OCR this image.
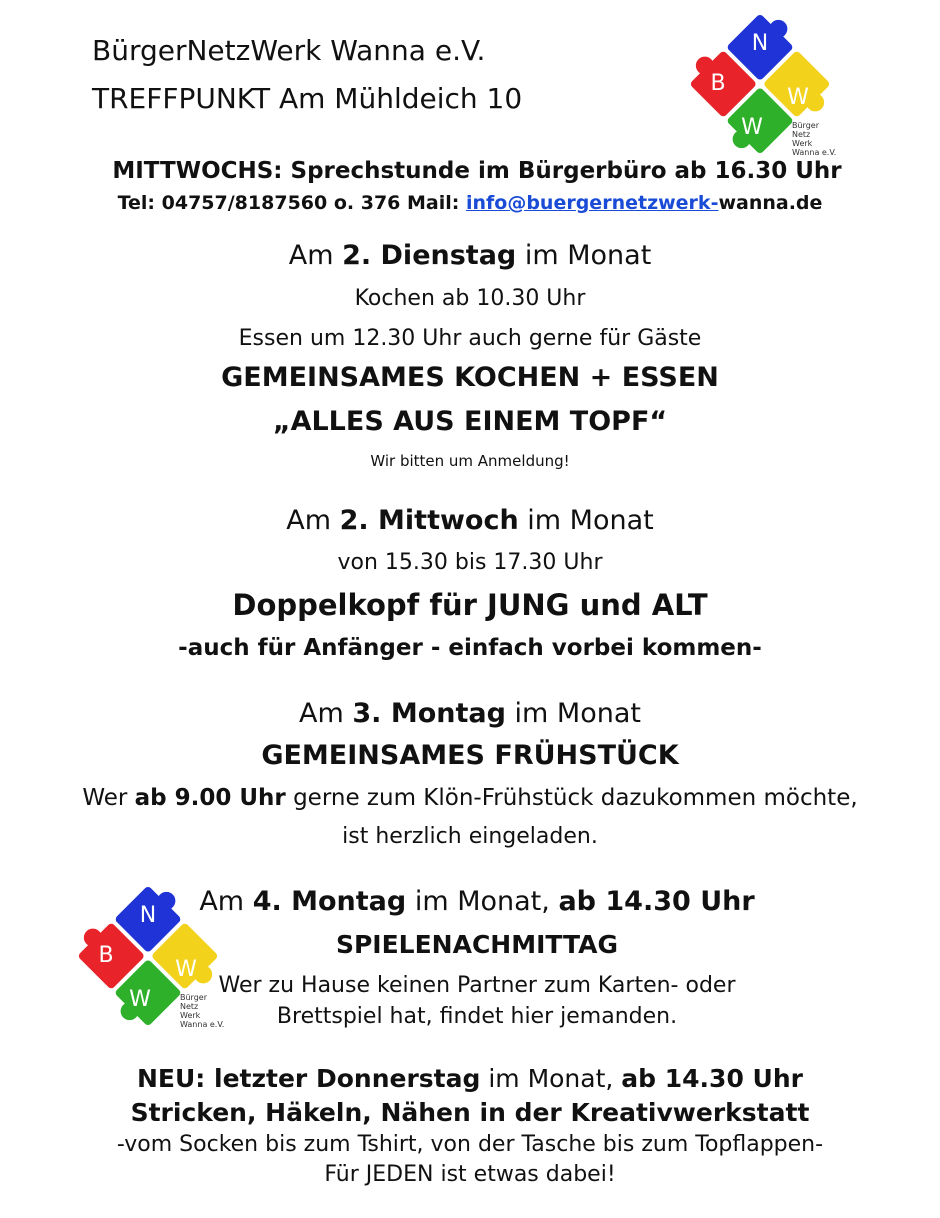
BürgerNetzWerk Wanna e.V.
TREFFPUNKT Am Mühldeich 10
N
B
W
W	Bürger
Netz
Werk
Wanna e.V.
MITTWOCHS: Sprechstunde im Bürgerbüro ab 16.30 Uhr
Tel: 04757/8187560 o. 376 Mail: info@buergernetzwerk-wanna.de
Am 2. Dienstag im Monat
Kochen ab 10.30 Uhr
Essen um 12.30 Uhr auch gerne für Gäste
GEMEINSAMES KOCHEN + ESSEN
„ALLES AUS EINEM TOPF“
Wir bitten um Anmeldung!
Am 2. Mittwoch im Monat
von 15.30 bis 17.30 Uhr
Doppelkopf für JUNG und ALT
-auch für Anfänger - einfach vorbei kommen-
Am 3. Montag im Monat
GEMEINSAMES FRÜHSTÜCK
Wer ab 9.00 Uhr gerne zum Klön-Frühstück dazukommen möchte,
ist herzlich eingeladen.
N
B
W
W	Bürger
Netz
Werk
Wanna e.V.
Am 4. Montag im Monat, ab 14.30 Uhr
SPIELENACHMITTAG
Wer zu Hause keinen Partner zum Karten- oder
Brettspiel hat, findet hier jemanden.
NEU: letzter Donnerstag im Monat, ab 14.30 Uhr
Stricken, Häkeln, Nähen in der Kreativwerkstatt
-vom Socken bis zum Tshirt, von der Tasche bis zum Topflappen-
Für JEDEN ist etwas dabei!
